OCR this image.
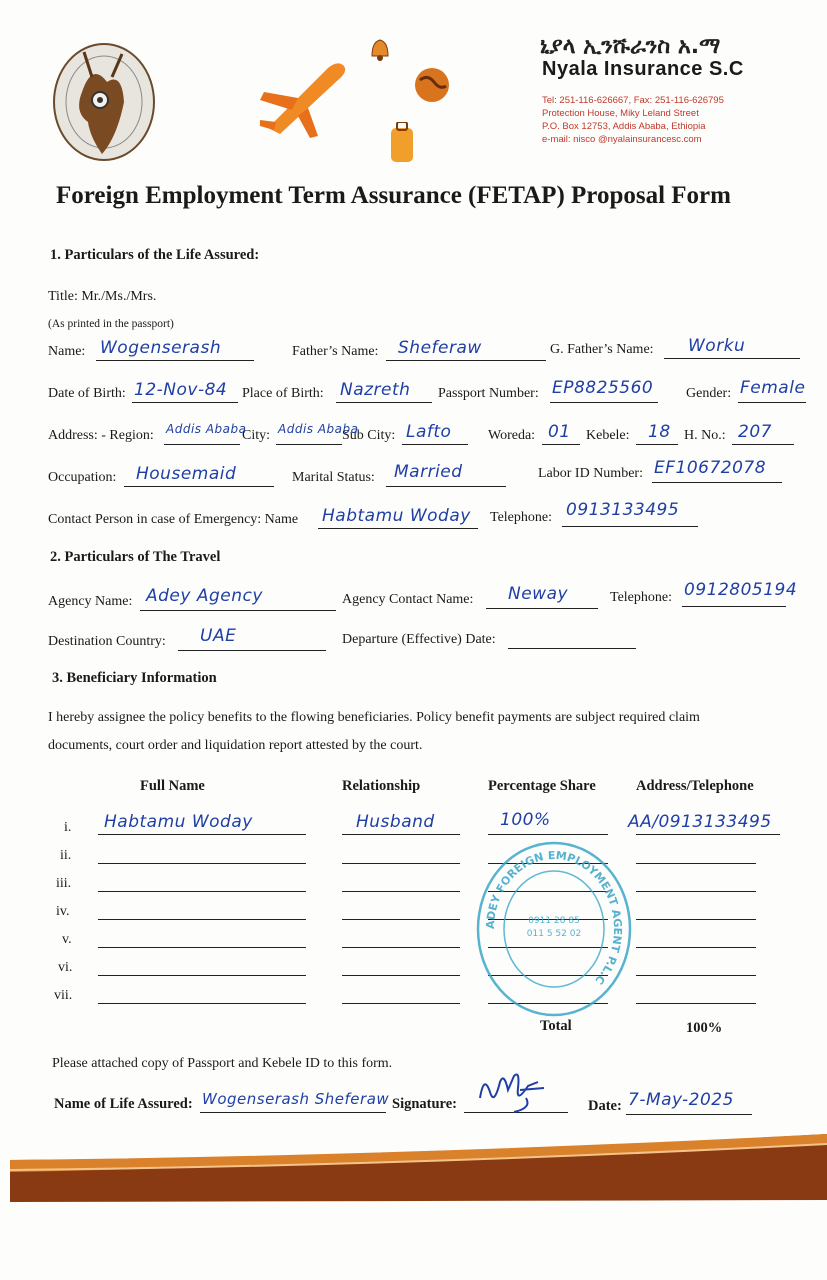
ኒያላ ኢንሹራንስ አ.ማ
Nyala Insurance S.C
Tel: 251-116-626667, Fax: 251-116-626795
Protection House, Miky Leland Street
P.O. Box 12753, Addis Ababa, Ethiopia
e-mail: nisco @nyalainsurancesc.com
Foreign Employment Term Assurance (FETAP) Proposal Form
1. Particulars of the Life Assured:
Title: Mr./Ms./Mrs.
(As printed in the passport)
Name: Wogenserash	Father’s Name: Sheferaw	G. Father’s Name: Worku
Date of Birth: 12-Nov-84 Place of Birth: Nazreth Passport Number: EP8825560 Gender: Female
Address: - Region: Addis Ababa
City: Addis Ababa
Sub City: Lafto	Woreda: 01 Kebele: 18 H. No.: 207
Occupation: Housemaid	Marital Status: Married	Labor ID Number: EF10672078
Contact Person in case of Emergency: Name Habtamu Woday Telephone: 0913133495
2. Particulars of The Travel
Agency Name: Adey Agency	Agency Contact Name: Neway	Telephone: 0912805194
Destination Country: UAE	Departure (Effective) Date:
3. Beneficiary Information
I hereby assignee the policy benefits to the flowing beneficiaries. Policy benefit payments are subject required claim
documents, court order and liquidation report attested by the court.
Full Name	Relationship	Percentage Share	Address/Telephone
i. Habtamu Woday	Husband	100%	AA/0913133495
ii.
iii.
iv.
v.
vi.
vii.
Total	100%
ADEY FOREIGN EMPLOYMENT AGENT P.L.C
0911 28 85
011 5 52 02
Please attached copy of Passport and Kebele ID to this form.
Name of Life Assured: Wogenserash Sheferaw Signature:	Date: 7-May-2025
